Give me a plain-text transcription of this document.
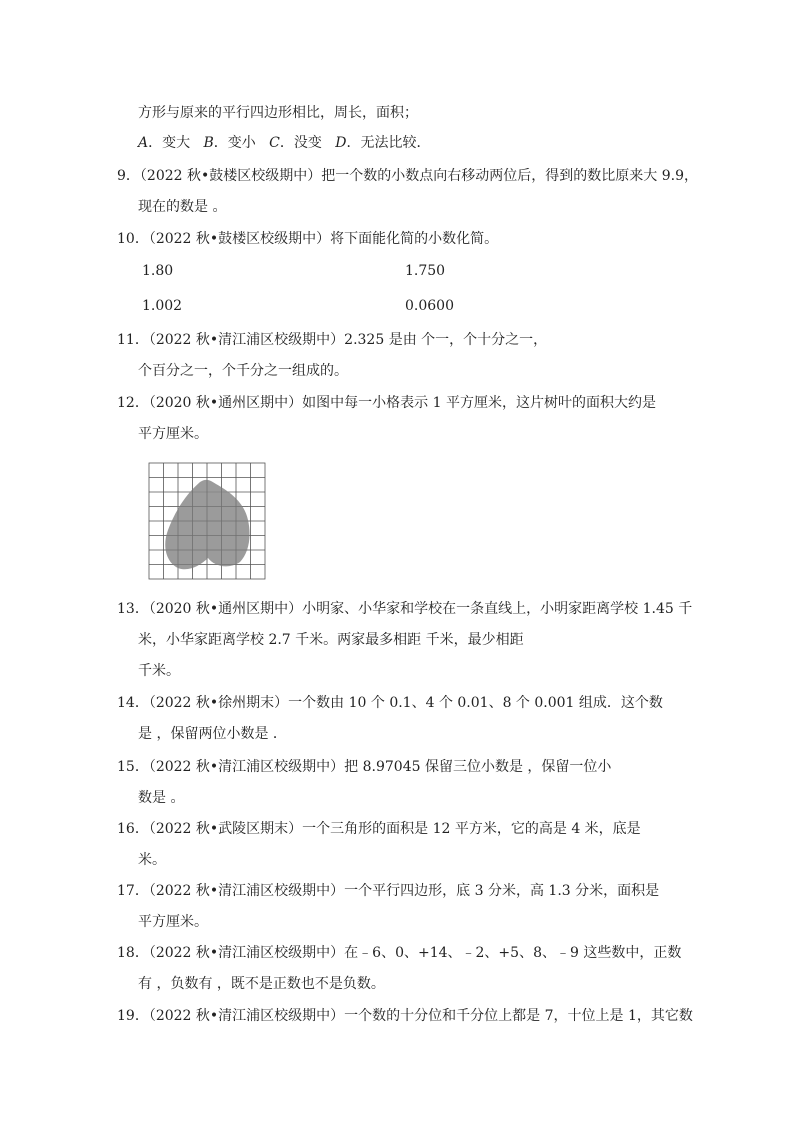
方形与原来的平行四边形相比，周长，面积；
A．变大 B．变小 C．没变 D．无法比较．
9．（2022 秋•鼓楼区校级期中）把一个数的小数点向右移动两位后，得到的数比原来大 9.9，
现在的数是 。
10．（2022 秋•鼓楼区校级期中）将下面能化简的小数化简。
1.80	1.750
1.002	0.0600
11．（2022 秋•清江浦区校级期中）2.325 是由 个一，个十分之一，
个百分之一，个千分之一组成的。
12．（2020 秋•通州区期中）如图中每一小格表示 1 平方厘米，这片树叶的面积大约是
平方厘米。
13．（2020 秋•通州区期中）小明家、小华家和学校在一条直线上，小明家距离学校 1.45 千
米，小华家距离学校 2.7 千米。两家最多相距 千米，最少相距
千米。
14．（2022 秋•徐州期末）一个数由 10 个 0.1、4 个 0.01、8 个 0.001 组成．这个数
是 ，保留两位小数是 ．
15．（2022 秋•清江浦区校级期中）把 8.97045 保留三位小数是 ，保留一位小
数是 。
16．（2022 秋•武陵区期末）一个三角形的面积是 12 平方米，它的高是 4 米，底是
米。
17．（2022 秋•清江浦区校级期中）一个平行四边形，底 3 分米，高 1.3 分米，面积是
平方厘米。
18．（2022 秋•清江浦区校级期中）在﹣6、0、+14、﹣2、+5、8、﹣9 这些数中，正数
有 ，负数有 ，既不是正数也不是负数。
19．（2022 秋•清江浦区校级期中）一个数的十分位和千分位上都是 7，十位上是 1，其它数
